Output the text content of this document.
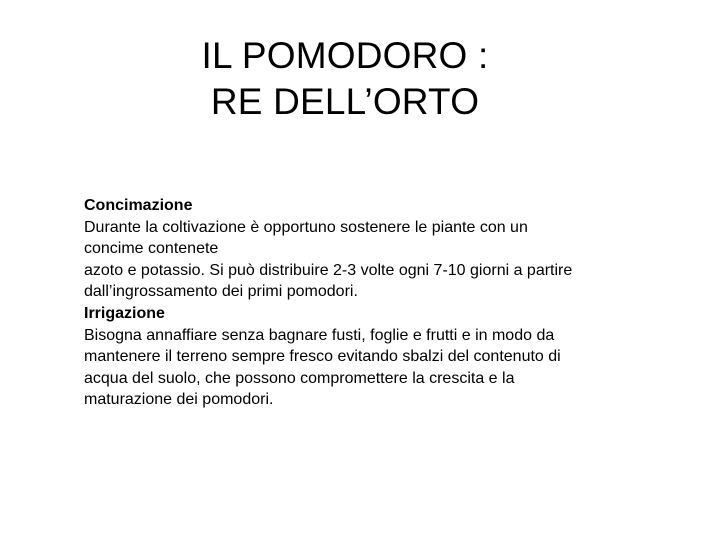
IL POMODORO :
RE DELL’ORTO
Concimazione
Durante la coltivazione è opportuno sostenere le piante con un
concime contenete
azoto e potassio. Si può distribuire 2-3 volte ogni 7-10 giorni a partire
dall’ingrossamento dei primi pomodori.
Irrigazione
Bisogna annaffiare senza bagnare fusti, foglie e frutti e in modo da
mantenere il terreno sempre fresco evitando sbalzi del contenuto di
acqua del suolo, che possono compromettere la crescita e la
maturazione dei pomodori.
